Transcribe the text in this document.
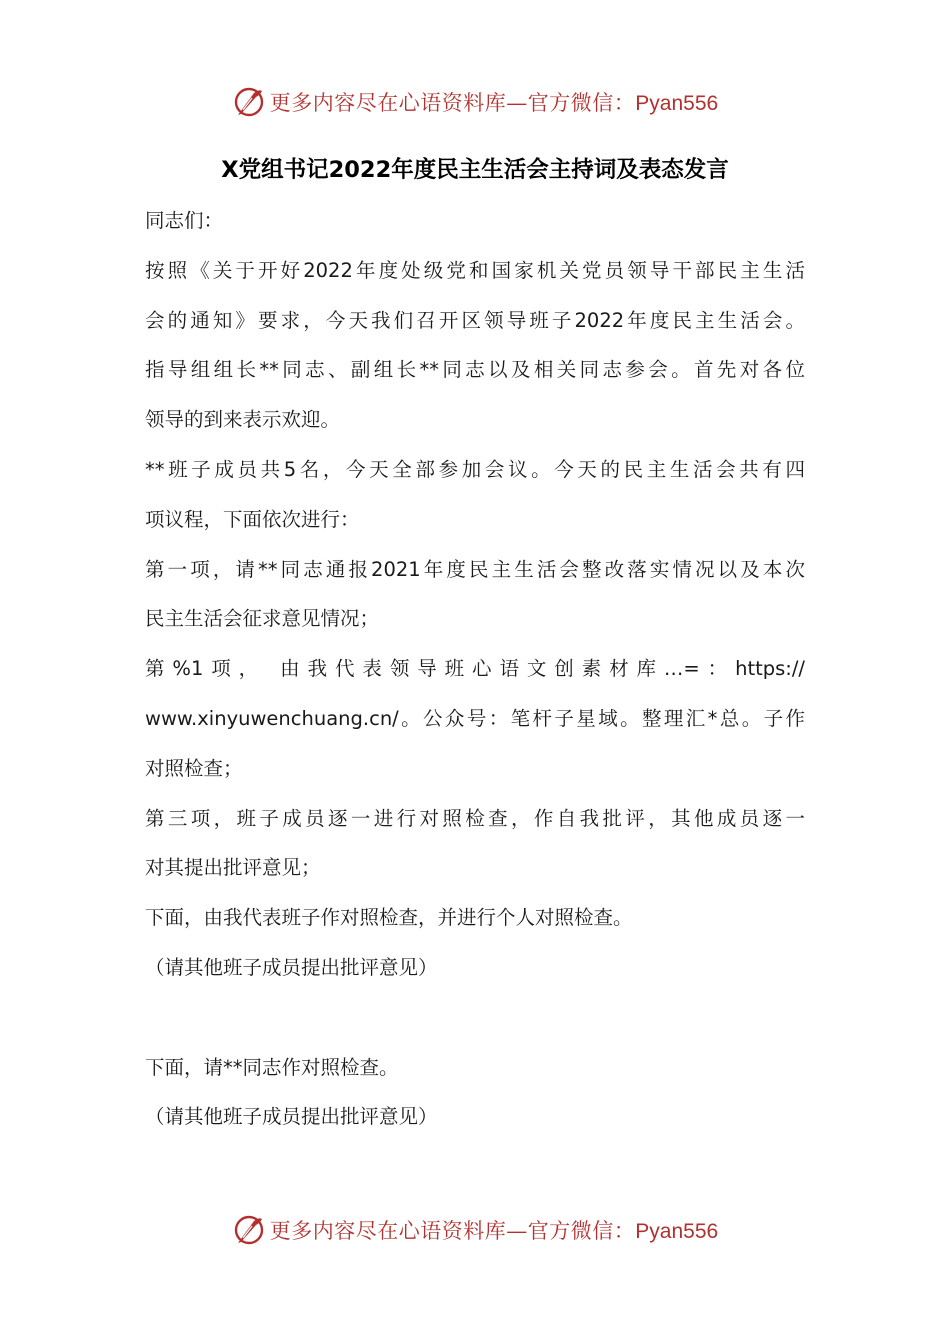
更多内容尽在心语资料库—官方微信：Pyan556
X党组书记2022年度民主生活会主持词及表态发言
同志们：
按照《关于开好2022年度处级党和国家机关党员领导干部民主生活
会的通知》要求，今天我们召开区领导班子2022年度民主生活会。
指导组组长**同志、副组长**同志以及相关同志参会。首先对各位
领导的到来表示欢迎。
**班子成员共5名，今天全部参加会议。今天的民主生活会共有四
项议程，下面依次进行：
第一项，请**同志通报2021年度民主生活会整改落实情况以及本次
民主生活会征求意见情况；
第%1项， 由我代表领导班心语文创素材库…=：https://
www.xinyuwenchuang.cn/。公众号：笔杆子星域。整理汇*总。子作
对照检查；
第三项，班子成员逐一进行对照检查，作自我批评，其他成员逐一
对其提出批评意见；
下面，由我代表班子作对照检查，并进行个人对照检查。
（请其他班子成员提出批评意见）
下面，请**同志作对照检查。
（请其他班子成员提出批评意见）
更多内容尽在心语资料库—官方微信：Pyan556
